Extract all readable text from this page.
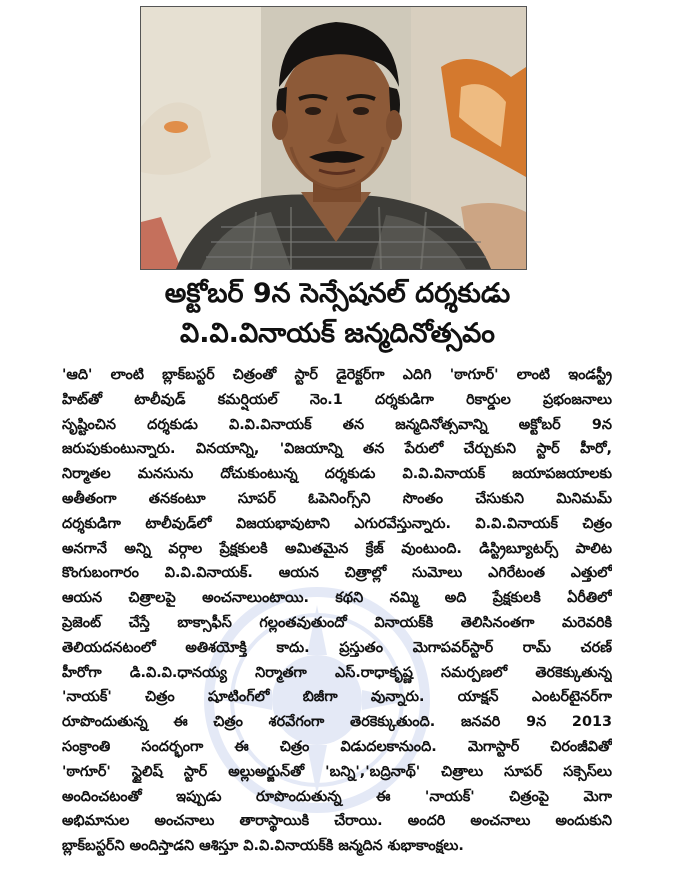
అక్టోబర్ 9న సెన్సేషనల్ దర్శకుడు
వి.వి.వినాయక్ జన్మదినోత్సవం

'ఆది' లాంటి బ్లాక్‌బస్టర్ చిత్రంతో స్టార్ డైరెక్టర్‌గా ఎదిగి 'ఠాగూర్' లాంటి ఇండస్ట్రీ
హిట్‌తో టాలీవుడ్ కమర్షియల్ నెం.1 దర్శకుడిగా రికార్డుల ప్రభంజనాలు
సృష్టించిన దర్శకుడు వి.వి.వినాయక్ తన జన్మదినోత్సవాన్ని అక్టోబర్ 9న
జరుపుకుంటున్నారు. వినయాన్ని, 'విజయాన్ని తన పేరులో చేర్చుకుని స్టార్ హీరో,
నిర్మాతల మనసును దోచుకుంటున్న దర్శకుడు వి.వి.వినాయక్ జయాపజయాలకు
అతీతంగా తనకంటూ సూపర్ ఓపెనింగ్స్‌ని సొంతం చేసుకుని మినిమమ్
దర్శకుడిగా టాలీవుడ్‌లో విజయభావుటాని ఎగురవేస్తున్నారు. వి.వి.వినాయక్ చిత్రం
అనగానే అన్ని వర్గాల ప్రేక్షకులకి అమితమైన క్రేజ్ వుంటుంది. డిస్ట్రిబ్యూటర్స్ పాలిట
కొంగుబంగారం వి.వి.వినాయక్. ఆయన చిత్రాల్లో సుమోలు ఎగిరేటంత ఎత్తులో
ఆయన చిత్రాలపై అంచనాలుంటాయి. కథని నమ్మి అది ప్రేక్షకులకి ఏరీతిలో
ప్రెజెంట్ చేస్తే బాక్సాఫీస్ గల్లంతవుతుందో వినాయక్‌కి తెలిసినంతగా మరెవరికి
తెలియదనటంలో అతిశయోక్తి కాదు. ప్రస్తుతం మెగాపవర్‌స్టార్ రామ్ చరణ్
హీరోగా డి.వి.వి.ధానయ్య నిర్మాతగా ఎస్.రాధాకృష్ణ సమర్పణలో తెరకెక్కుతున్న
'నాయక్' చిత్రం షూటింగ్‌లో బిజీగా వున్నారు. యాక్షన్ ఎంటర్‌టైనర్‌గా
రూపొందుతున్న ఈ చిత్రం శరవేగంగా తెరకెక్కుతుంది. జనవరి 9న 2013
సంక్రాంతి సందర్భంగా ఈ చిత్రం విడుదలకానుంది. మెగాస్టార్ చిరంజీవితో
'ఠాగూర్' స్టైలిష్ స్టార్ అల్లుఅర్జున్‌తో 'బన్ని','బద్రినాథ్' చిత్రాలు సూపర్ సక్సెస్‌లు
అందించటంతో ఇప్పుడు రూపొందుతున్న ఈ 'నాయక్' చిత్రంపై మెగా
అభిమానుల అంచనాలు తారాస్థాయికి చేరాయి. అందరి అంచనాలు అందుకుని
బ్లాక్‌బస్టర్‌ని అందిస్తాడని ఆశిస్తూ వి.వి.వినాయక్‌కి జన్మదిన శుభాకాంక్షలు.
